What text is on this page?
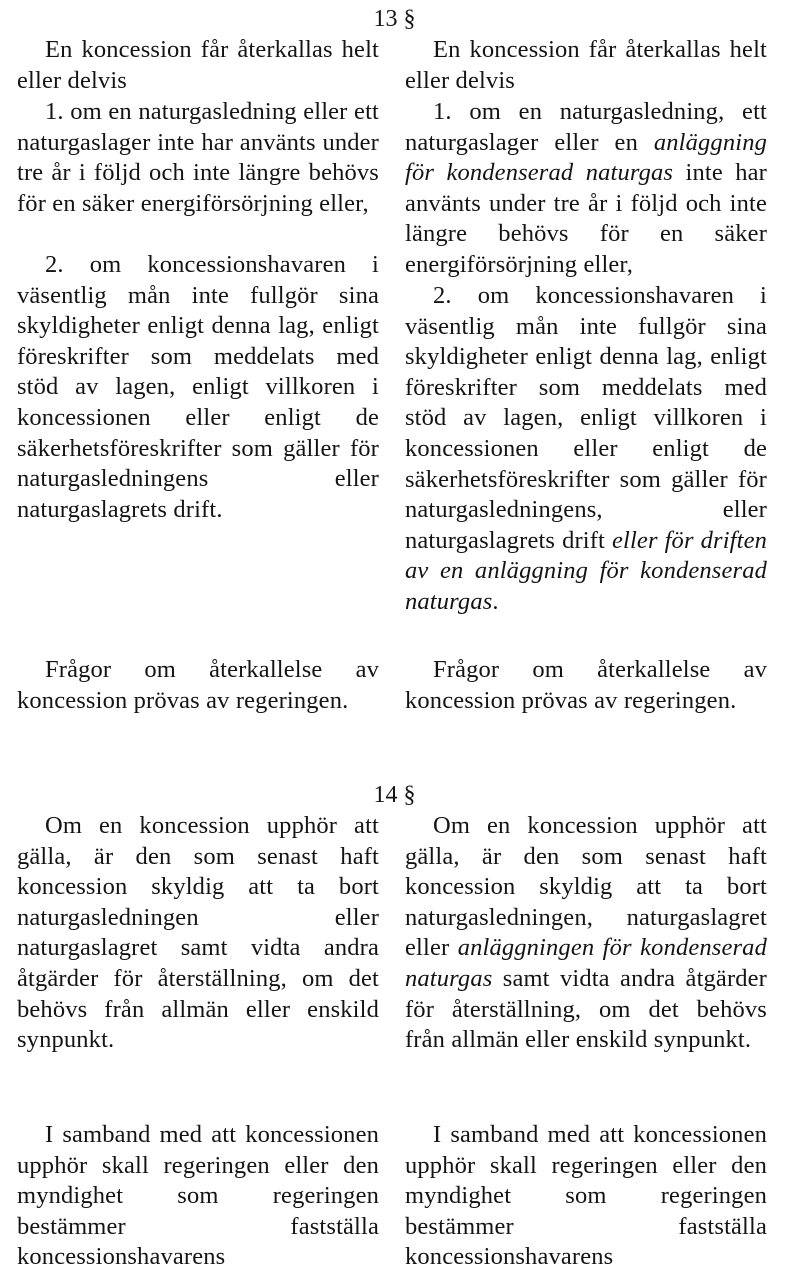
13 §
En koncession får återkallas helt eller delvis
1. om en naturgasledning eller ett naturgaslager inte har använts under tre år i följd och inte längre behövs för en säker energiförsörjning eller,
2. om koncessionshavaren i väsentlig mån inte fullgör sina skyldigheter enligt denna lag, enligt föreskrifter som meddelats med stöd av lagen, enligt villkoren i koncessionen eller enligt de säkerhetsföreskrifter som gäller för naturgasledningens eller naturgaslagrets drift.
Frågor om återkallelse av koncession prövas av regeringen.
En koncession får återkallas helt eller delvis
1. om en naturgasledning, ett naturgaslager eller en anläggning för kondenserad naturgas inte har använts under tre år i följd och inte längre behövs för en säker energiförsörjning eller,
2. om koncessionshavaren i väsentlig mån inte fullgör sina skyldigheter enligt denna lag, enligt föreskrifter som meddelats med stöd av lagen, enligt villkoren i koncessionen eller enligt de säkerhetsföreskrifter som gäller för naturgasledningens, eller naturgaslagrets drift eller för driften av en anläggning för kondenserad naturgas.
Frågor om återkallelse av koncession prövas av regeringen.
14 §
Om en koncession upphör att gälla, är den som senast haft koncession skyldig att ta bort naturgasledningen eller naturgaslagret samt vidta andra åtgärder för återställning, om det behövs från allmän eller enskild synpunkt.
I samband med att koncessionen upphör skall regeringen eller den myndighet som regeringen bestämmer fastställa koncessionshavarens
Om en koncession upphör att gälla, är den som senast haft koncession skyldig att ta bort naturgasledningen, naturgaslagret eller anläggningen för kondenserad naturgas samt vidta andra åtgärder för återställning, om det behövs från allmän eller enskild synpunkt.
I samband med att koncessionen upphör skall regeringen eller den myndighet som regeringen bestämmer fastställa koncessionshavarens
